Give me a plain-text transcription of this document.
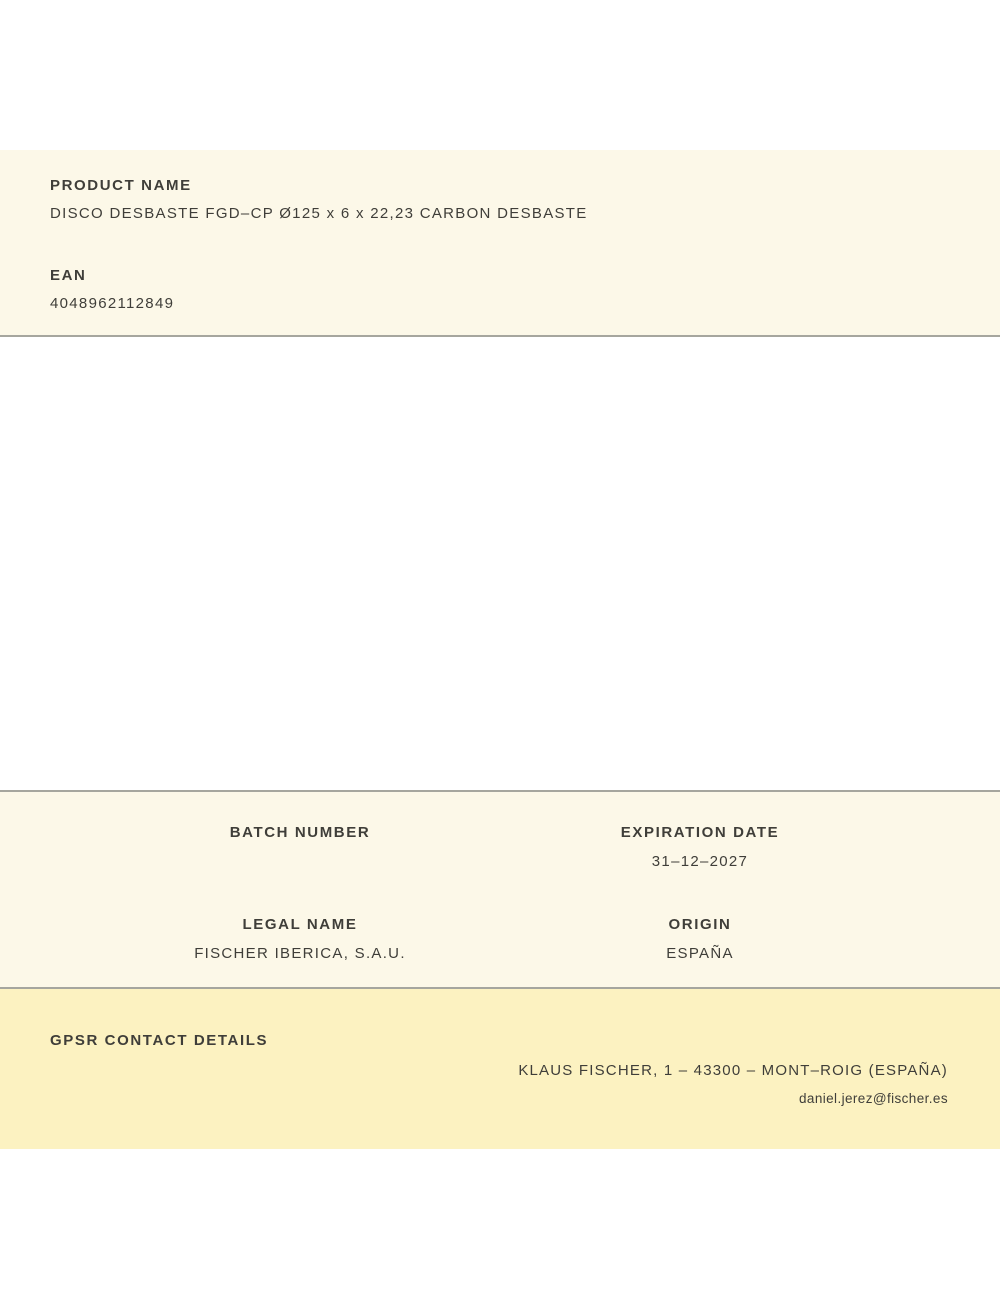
PRODUCT NAME
DISCO DESBASTE FGD–CP Ø125 x 6 x 22,23 CARBON DESBASTE
EAN
4048962112849
BATCH NUMBER	EXPIRATION DATE
31–12–2027
LEGAL NAME
FISCHER IBERICA, S.A.U.
ORIGIN
ESPAÑA
GPSR CONTACT DETAILS
KLAUS FISCHER, 1 – 43300 – MONT–ROIG (ESPAÑA)
daniel.jerez@fischer.es
